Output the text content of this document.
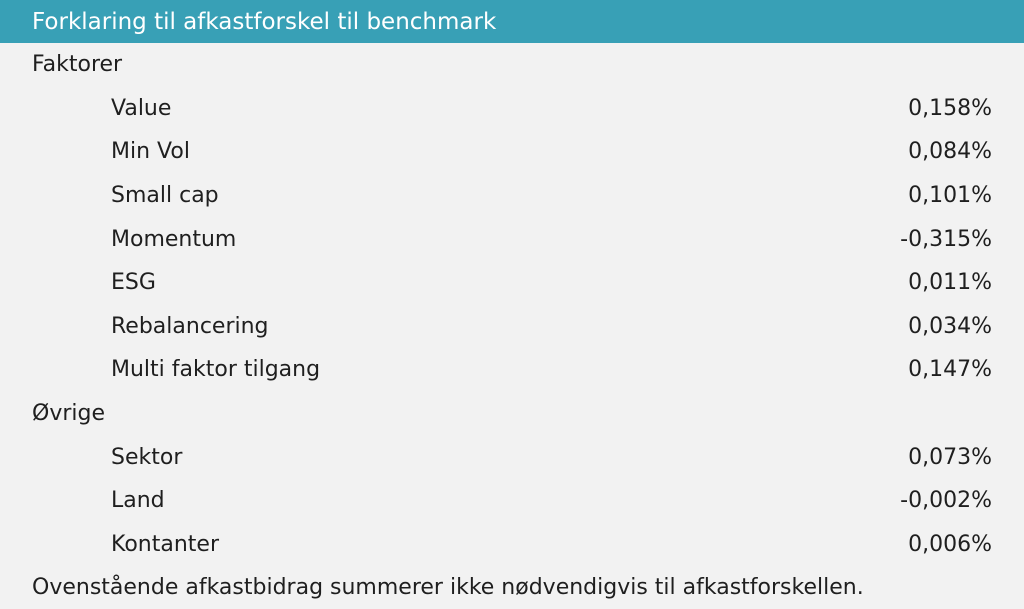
Forklaring til afkastforskel til benchmark
Faktorer
Value	0,158%
Min Vol	0,084%
Small cap	0,101%
Momentum	-0,315%
ESG	0,011%
Rebalancering	0,034%
Multi faktor tilgang	0,147%
Øvrige
Sektor	0,073%
Land	-0,002%
Kontanter	0,006%
Ovenstående afkastbidrag summerer ikke nødvendigvis til afkastforskellen.
